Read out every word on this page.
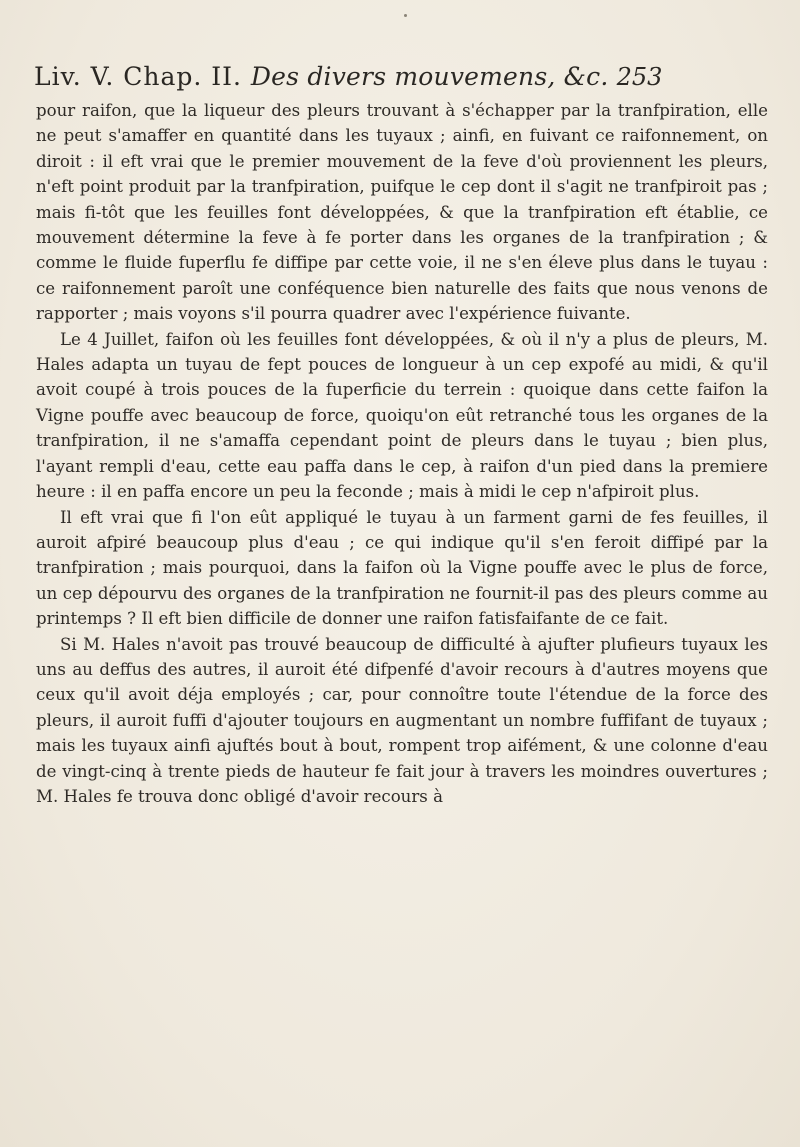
Liv. V. Chap. II. Des divers mouvemens, &c. 253

pour raifon, que la liqueur des pleurs trouvant à s'échapper par la tranfpiration, elle ne peut s'amaffer en quantité dans les tuyaux ; ainfi, en fuivant ce raifonnement, on diroit : il eft vrai que le premier mouvement de la feve d'où proviennent les pleurs, n'eft point produit par la tranfpiration, puifque le cep dont il s'agit ne tranfpiroit pas ; mais fi-tôt que les feuilles font développées, & que la tranfpiration eft établie, ce mouvement détermine la feve à fe porter dans les organes de la tranfpiration ; & comme le fluide fuperflu fe diffipe par cette voie, il ne s'en éleve plus dans le tuyau : ce raifonnement paroît une conféquence bien naturelle des faits que nous venons de rapporter ; mais voyons s'il pourra quadrer avec l'expérience fuivante.

Le 4 Juillet, faifon où les feuilles font développées, & où il n'y a plus de pleurs, M. Hales adapta un tuyau de fept pouces de longueur à un cep expofé au midi, & qu'il avoit coupé à trois pouces de la fuperficie du terrein : quoique dans cette faifon la Vigne pouffe avec beaucoup de force, quoiqu'on eût retranché tous les organes de la tranfpiration, il ne s'amaffa cependant point de pleurs dans le tuyau ; bien plus, l'ayant rempli d'eau, cette eau paffa dans le cep, à raifon d'un pied dans la premiere heure : il en paffa encore un peu la feconde ; mais à midi le cep n'afpiroit plus.

Il eft vrai que fi l'on eût appliqué le tuyau à un farment garni de fes feuilles, il auroit afpiré beaucoup plus d'eau ; ce qui indique qu'il s'en feroit diffipé par la tranfpiration ; mais pourquoi, dans la faifon où la Vigne pouffe avec le plus de force, un cep dépourvu des organes de la tranfpiration ne fournit-il pas des pleurs comme au printemps ? Il eft bien difficile de donner une raifon fatisfaifante de ce fait.

Si M. Hales n'avoit pas trouvé beaucoup de difficulté à ajufter plufieurs tuyaux les uns au deffus des autres, il auroit été difpenfé d'avoir recours à d'autres moyens que ceux qu'il avoit déja employés ; car, pour connoître toute l'étendue de la force des pleurs, il auroit fuffi d'ajouter toujours en augmentant un nombre fuffifant de tuyaux ; mais les tuyaux ainfi ajuftés bout à bout, rompent trop aifément, & une colonne d'eau de vingt-cinq à trente pieds de hauteur fe fait jour à travers les moindres ouvertures ; M. Hales fe trouva donc obligé d'avoir recours à
